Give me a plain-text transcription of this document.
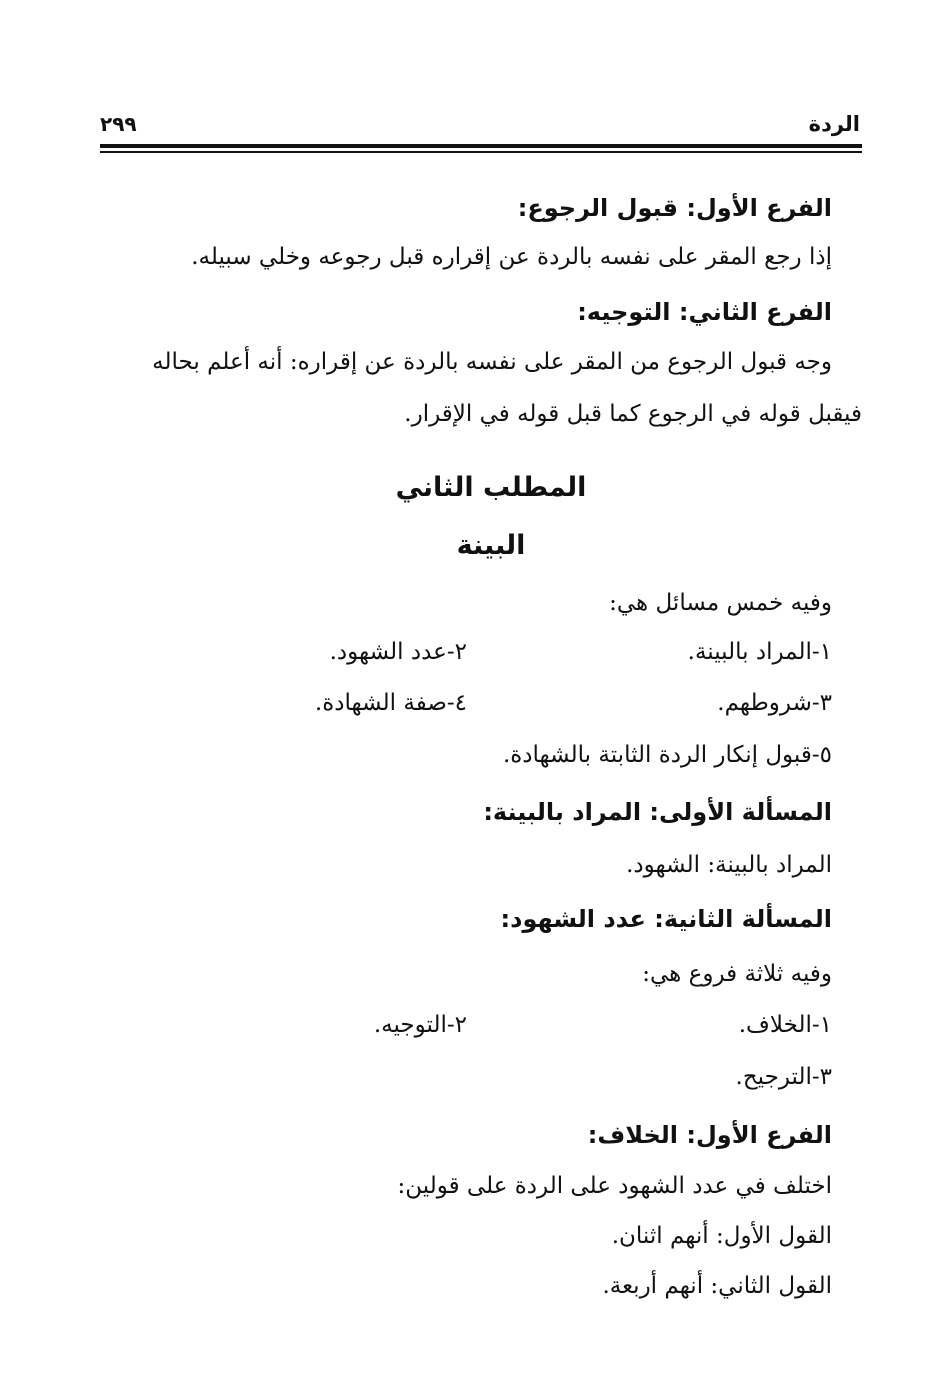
الردة
٢٩٩
الفرع الأول: قبول الرجوع:
إذا رجع المقر على نفسه بالردة عن إقراره قبل رجوعه وخلي سبيله.
الفرع الثاني: التوجيه:
وجه قبول الرجوع من المقر على نفسه بالردة عن إقراره: أنه أعلم بحاله
فيقبل قوله في الرجوع كما قبل قوله في الإقرار.
المطلب الثاني
البينة
وفيه خمس مسائل هي:
١-المراد بالبينة.
٢-عدد الشهود.
٣-شروطهم.
٤-صفة الشهادة.
٥-قبول إنكار الردة الثابتة بالشهادة.
المسألة الأولى: المراد بالبينة:
المراد بالبينة: الشهود.
المسألة الثانية: عدد الشهود:
وفيه ثلاثة فروع هي:
١-الخلاف.
٢-التوجيه.
٣-الترجيح.
الفرع الأول: الخلاف:
اختلف في عدد الشهود على الردة على قولين:
القول الأول: أنهم اثنان.
القول الثاني: أنهم أربعة.
